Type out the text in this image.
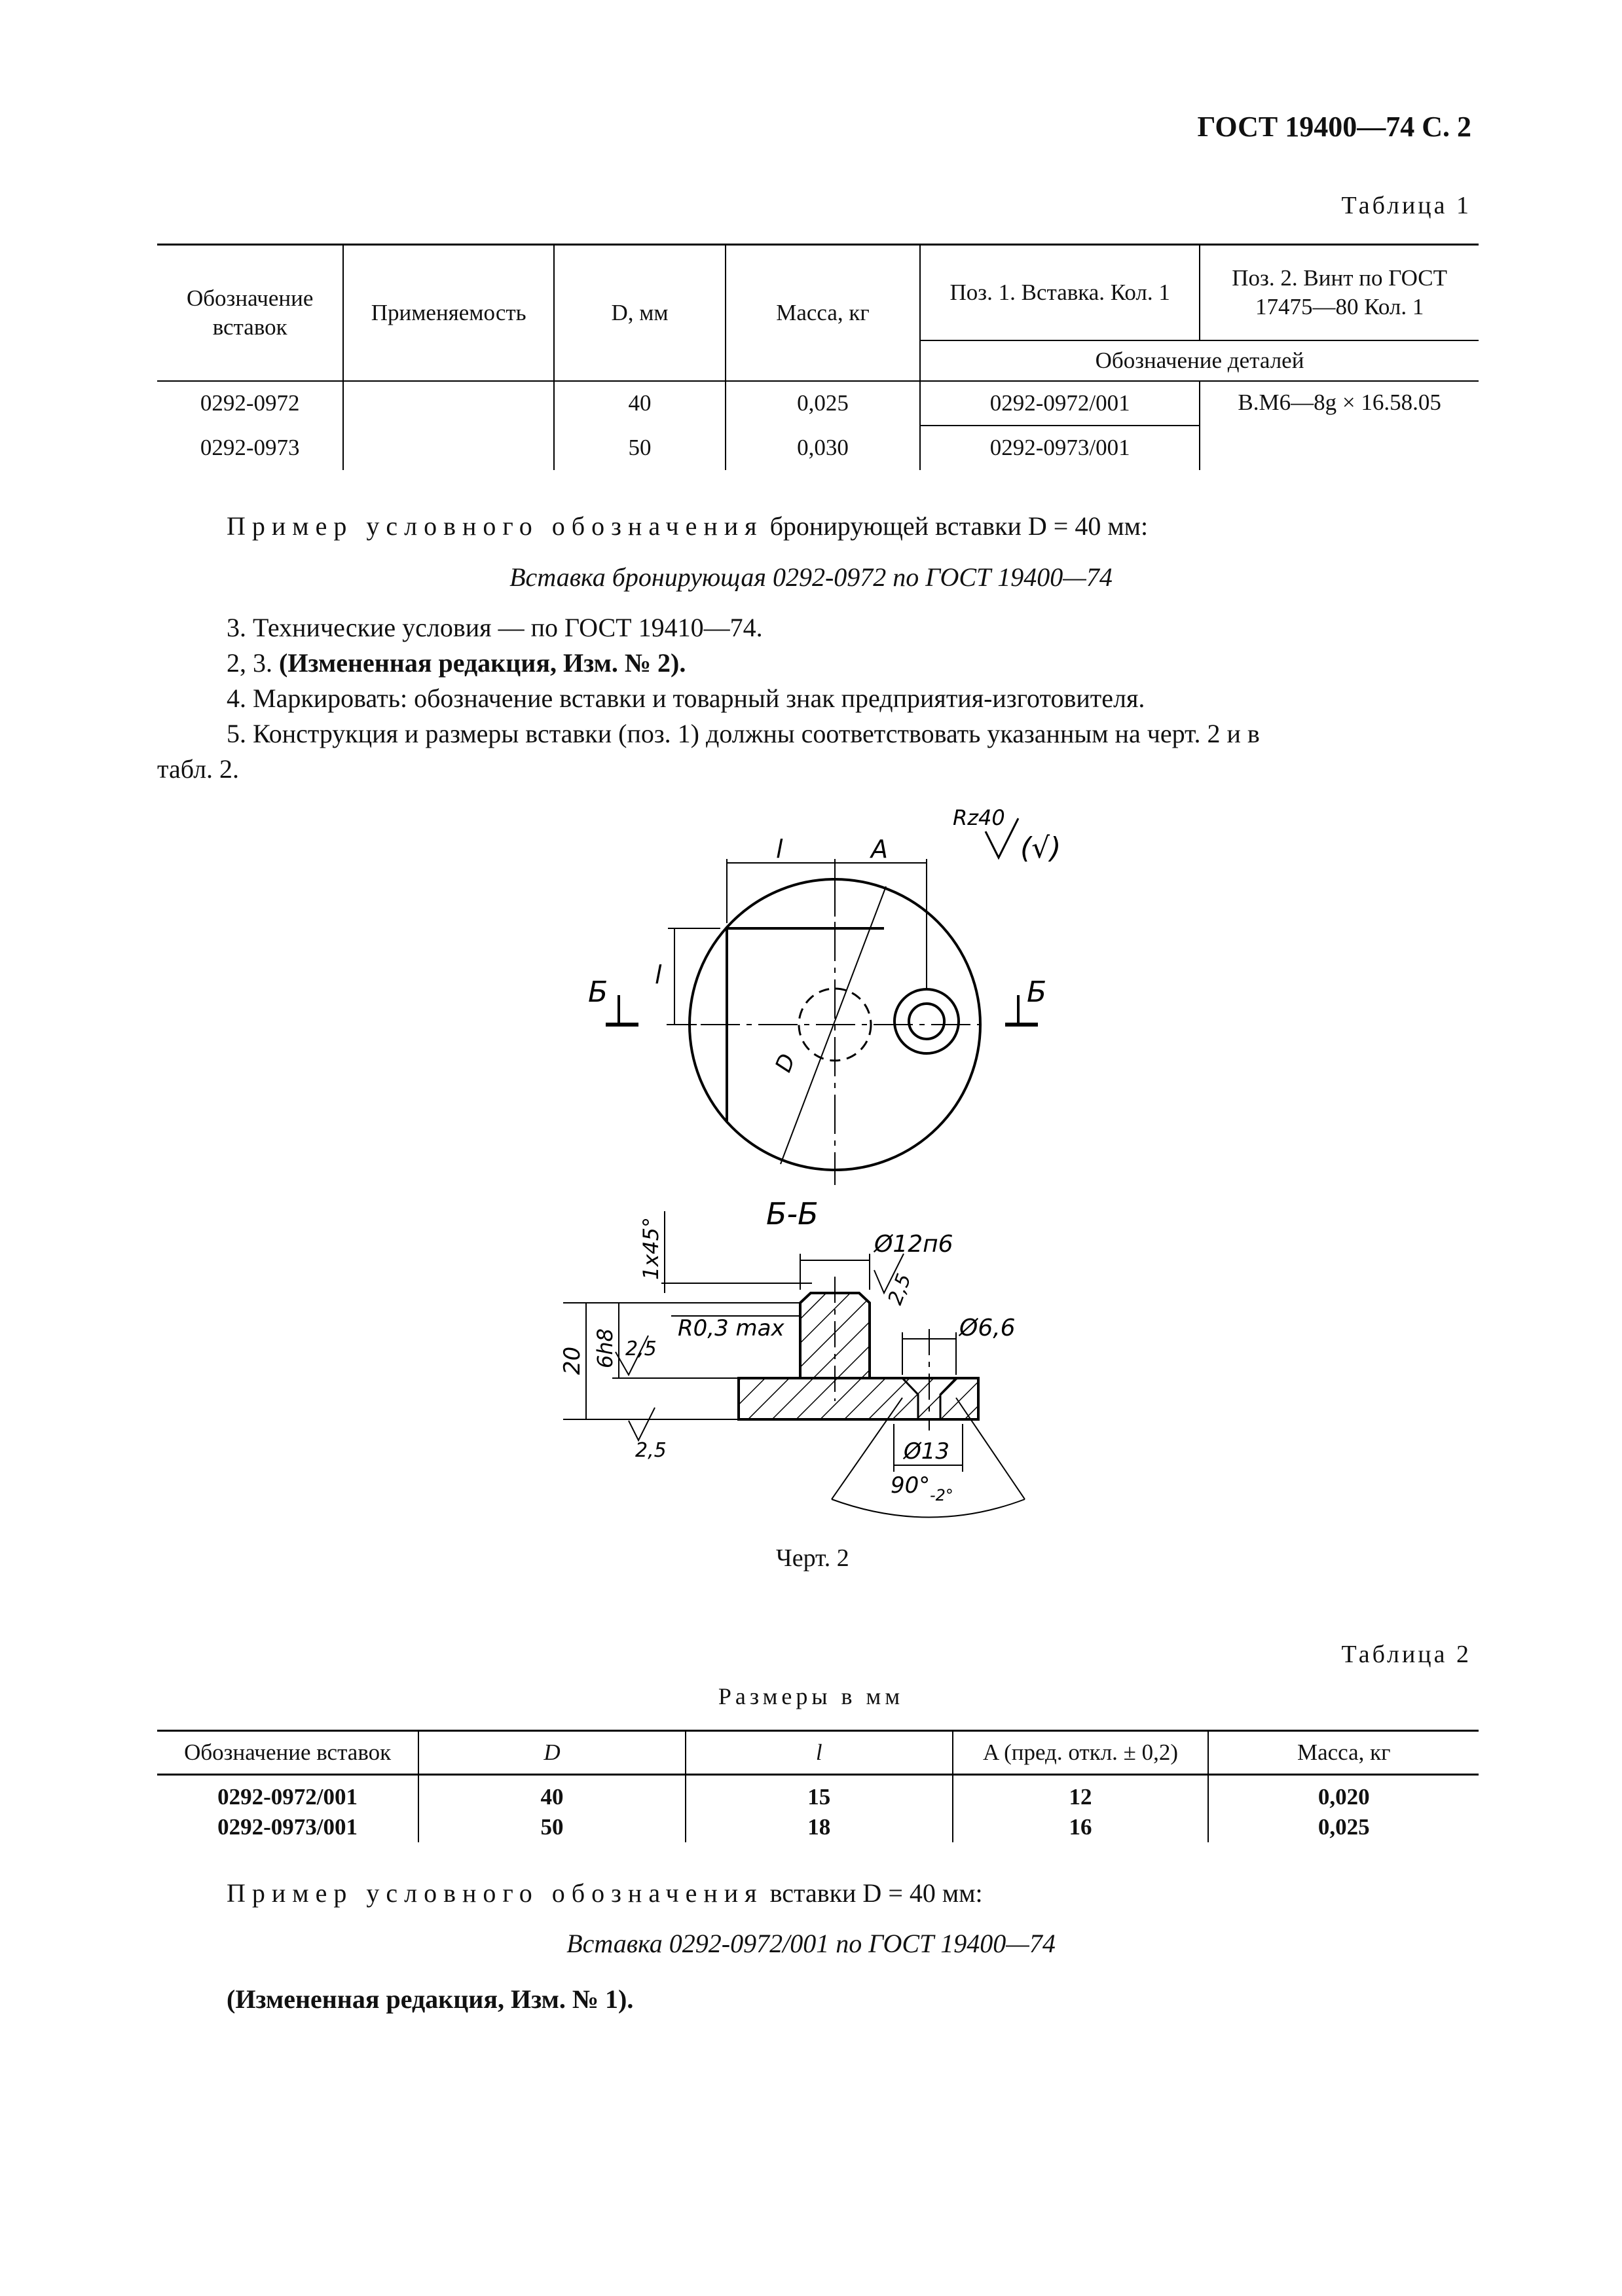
ГОСТ 19400—74 С. 2
Таблица 1
Обозначение вставок	Применяемость	D, мм	Масса, кг	Поз. 1. Вставка. Кол. 1	Поз. 2. Винт по ГОСТ 17475—80 Кол. 1
				Обозначение деталей	
0292-0972		40	0,025	0292-0972/001	В.М6—8g × 16.58.05
0292-0973		50	0,030	0292-0973/001	
Пример условного обозначения бронирующей вставки D = 40 мм:
Вставка бронирующая 0292-0972 по ГОСТ 19400—74
3. Технические условия — по ГОСТ 19410—74.
2, 3. (Измененная редакция, Изм. № 2).
4. Маркировать: обозначение вставки и товарный знак предприятия-изготовителя.
5. Конструкция и размеры вставки (поз. 1) должны соответствовать указанным на черт. 2 и в
табл. 2.
l	A
l
Rz40
(√)
Б	Б
D
Б-Б
Ø12п6
2,5
Ø6,6
R0,3 max
2,5
2,5
1x45°
20 6h8
Ø13
90° -2°
Черт. 2
Таблица 2
Размеры в мм
Обозначение вставок	D	l	A (пред. откл. ± 0,2)	Масса, кг
0292-0972/001	40	15	12	0,020
0292-0973/001	50	18	16	0,025
Пример условного обозначения вставки D = 40 мм:
Вставка 0292-0972/001 по ГОСТ 19400—74
(Измененная редакция, Изм. № 1).
